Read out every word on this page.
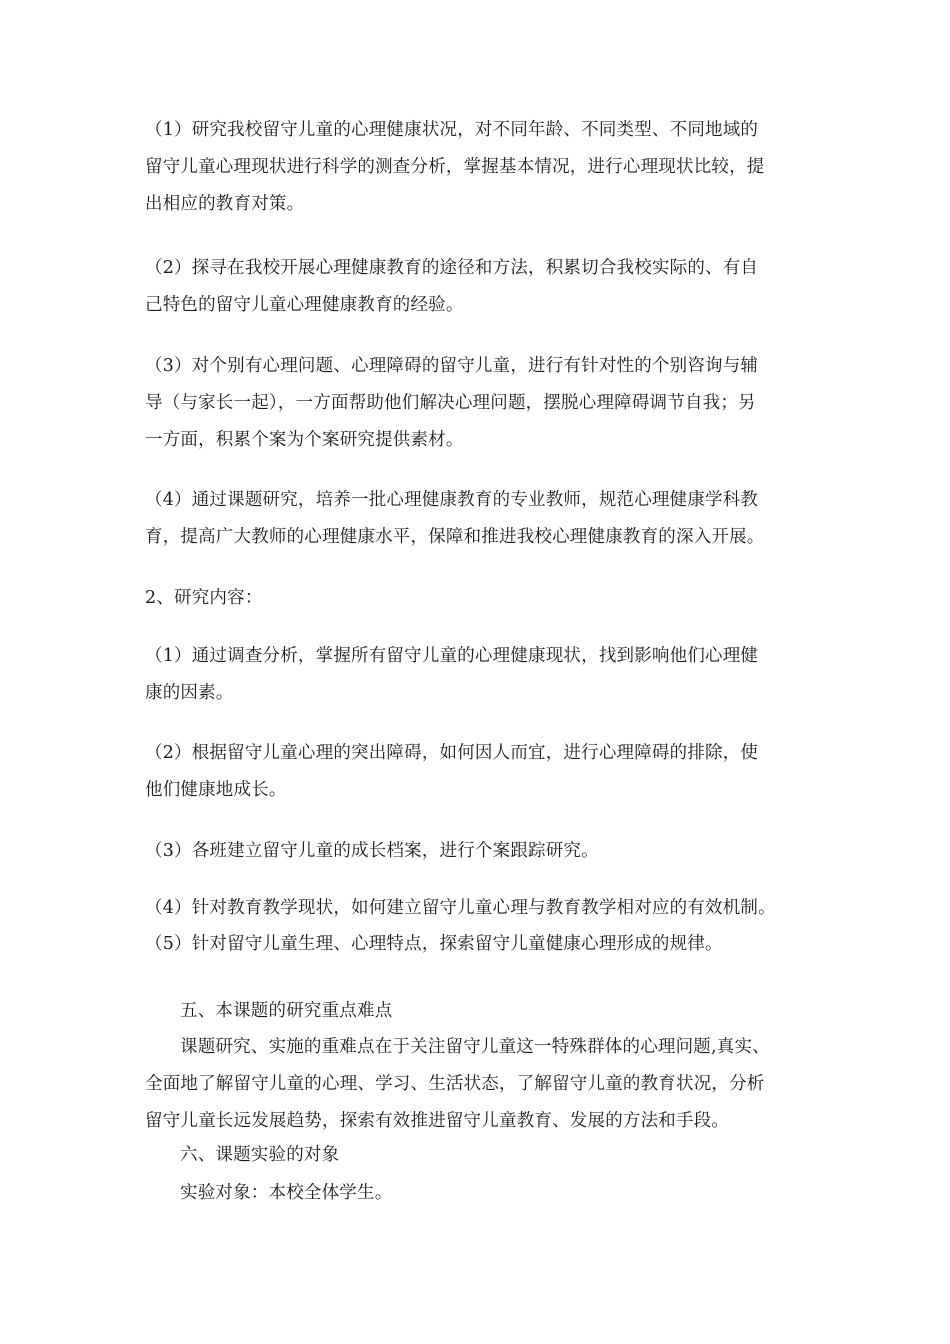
（1）研究我校留守儿童的心理健康状况，对不同年龄、不同类型、不同地域的
留守儿童心理现状进行科学的测查分析，掌握基本情况，进行心理现状比较，提
出相应的教育对策。

（2）探寻在我校开展心理健康教育的途径和方法，积累切合我校实际的、有自
己特色的留守儿童心理健康教育的经验。

（3）对个别有心理问题、心理障碍的留守儿童，进行有针对性的个别咨询与辅
导（与家长一起），一方面帮助他们解决心理问题，摆脱心理障碍调节自我；另
一方面，积累个案为个案研究提供素材。

（4）通过课题研究，培养一批心理健康教育的专业教师，规范心理健康学科教
育，提高广大教师的心理健康水平，保障和推进我校心理健康教育的深入开展。

2、研究内容：

（1）通过调查分析，掌握所有留守儿童的心理健康现状，找到影响他们心理健
康的因素。

（2）根据留守儿童心理的突出障碍，如何因人而宜，进行心理障碍的排除，使
他们健康地成长。

（3）各班建立留守儿童的成长档案，进行个案跟踪研究。

（4）针对教育教学现状，如何建立留守儿童心理与教育教学相对应的有效机制。

（5）针对留守儿童生理、心理特点，探索留守儿童健康心理形成的规律。

五、本课题的研究重点难点

课题研究、实施的重难点在于关注留守儿童这一特殊群体的心理问题,真实、
全面地了解留守儿童的心理、学习、生活状态，了解留守儿童的教育状况，分析
留守儿童长远发展趋势，探索有效推进留守儿童教育、发展的方法和手段。

六、课题实验的对象

实验对象：本校全体学生。
